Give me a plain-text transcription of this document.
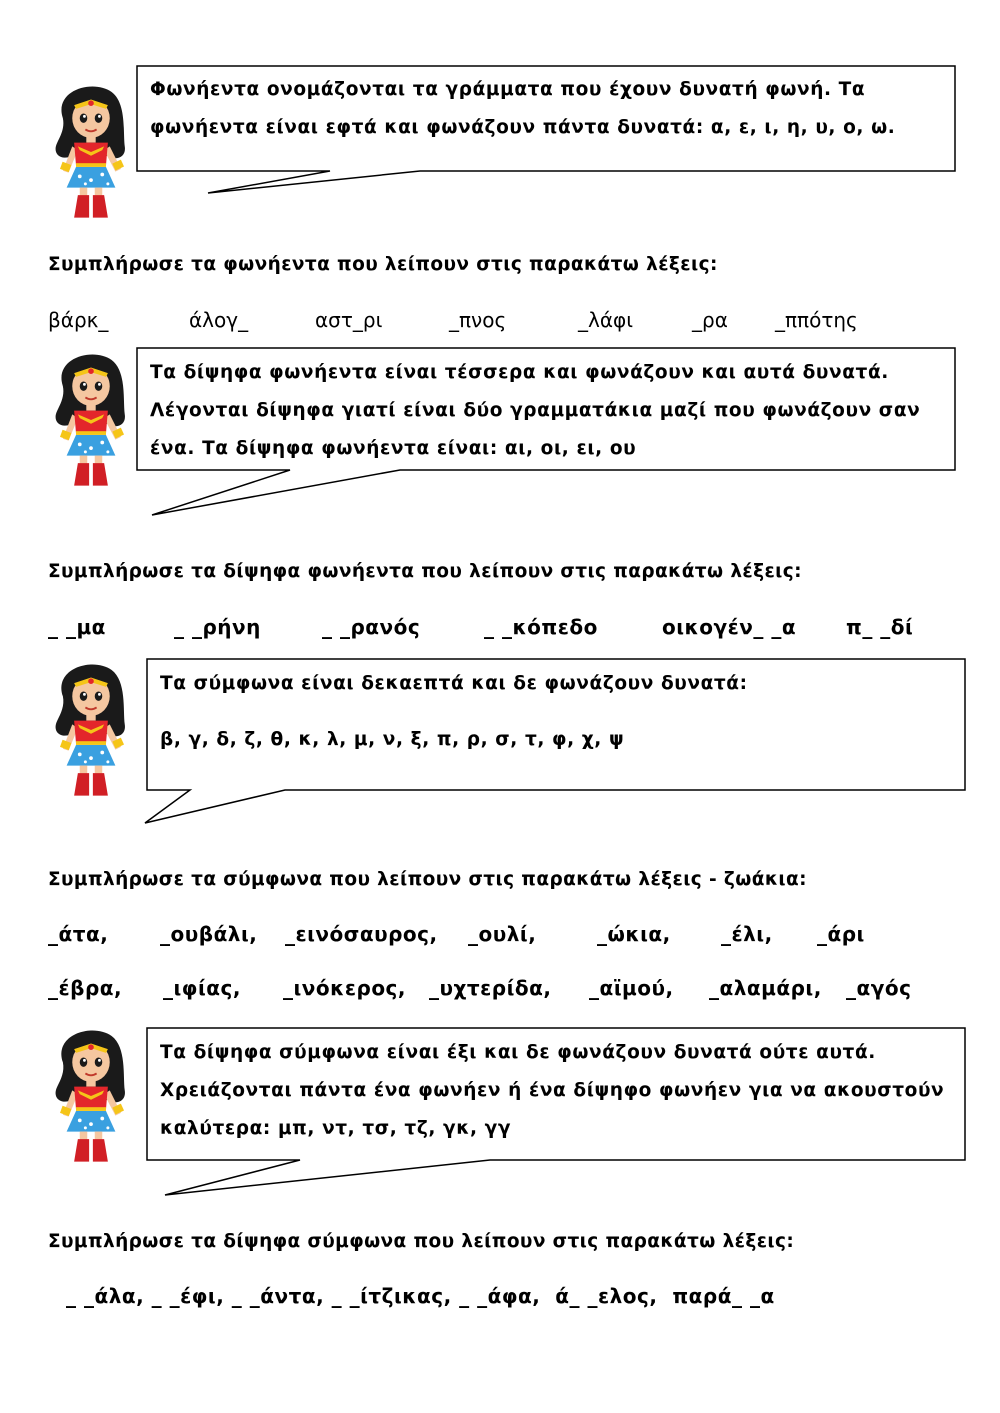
Φωνήεντα ονομάζονται τα γράμματα που έχουν δυνατή φωνή. Τα
φωνήεντα είναι εφτά και φωνάζουν πάντα δυνατά: α, ε, ι, η, υ, ο, ω.
Συμπλήρωσε τα φωνήεντα που λείπουν στις παρακάτω λέξεις:
βάρκ_	άλογ_	αστ_ρι	_πνος	_λάφι	_ρα _ππότης
Τα δίψηφα φωνήεντα είναι τέσσερα και φωνάζουν και αυτά δυνατά.
Λέγονται δίψηφα γιατί είναι δύο γραμματάκια μαζί που φωνάζουν σαν
ένα. Τα δίψηφα φωνήεντα είναι: αι, οι, ει, ου
Συμπλήρωσε τα δίψηφα φωνήεντα που λείπουν στις παρακάτω λέξεις:
_ _μα	_ _ρήνη	_ _ρανός	_ _κόπεδο	οικογέν_ _α π_ _δί
Τα σύμφωνα είναι δεκαεπτά και δε φωνάζουν δυνατά:
β, γ, δ, ζ, θ, κ, λ, μ, ν, ξ, π, ρ, σ, τ, φ, χ, ψ
Συμπλήρωσε τα σύμφωνα που λείπουν στις παρακάτω λέξεις - ζωάκια:
_άτα,	_ουβάλι, _εινόσαυρος, _ουλί,	_ώκια,	_έλι, _άρι
_έβρα, _ιφίας, _ινόκερος, _υχτερίδα, _αϊμού, _αλαμάρι, _αγός
Τα δίψηφα σύμφωνα είναι έξι και δε φωνάζουν δυνατά ούτε αυτά.
Χρειάζονται πάντα ένα φωνήεν ή ένα δίψηφο φωνήεν για να ακουστούν
καλύτερα: μπ, ντ, τσ, τζ, γκ, γγ
Συμπλήρωσε τα δίψηφα σύμφωνα που λείπουν στις παρακάτω λέξεις:
_ _άλα, _ _έφι, _ _άντα, _ _ίτζικας, _ _άφα,  ά_ _ελος,  παρά_ _α
